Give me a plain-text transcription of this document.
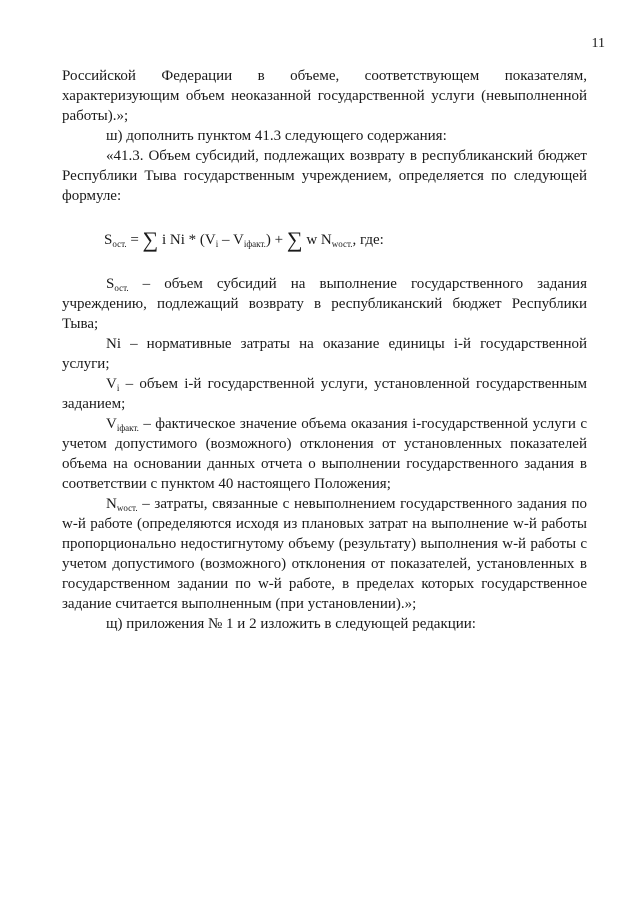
11

Российской Федерации в объеме, соответствующем показателям, характеризующим объем неоказанной государственной услуги (невыполненной работы).»;

ш) дополнить пунктом 41.3 следующего содержания:

«41.3. Объем субсидий, подлежащих возврату в республиканский бюджет Республики Тыва государственным учреждением, определяется по следующей формуле:

$S_{ост.}$ = ∑ i Ni * $(V_i - V_{iфакт.})$ + ∑ w $N_{wост.}$, где:

$S_{ост.}$ – объем субсидий на выполнение государственного задания учреждению, подлежащий возврату в республиканский бюджет Республики Тыва;

Ni – нормативные затраты на оказание единицы i-й государственной услуги;

$V_i$ – объем i-й государственной услуги, установленной государственным заданием;

$V_{iфакт.}$ – фактическое значение объема оказания i-государственной услуги с учетом допустимого (возможного) отклонения от установленных показателей объема на основании данных отчета о выполнении государственного задания в соответствии с пунктом 40 настоящего Положения;

$N_{wост.}$ – затраты, связанные с невыполнением государственного задания по w-й работе (определяются исходя из плановых затрат на выполнение w-й работы пропорционально недостигнутому объему (результату) выполнения w-й работы с учетом допустимого (возможного) отклонения от показателей, установленных в государственном задании по w-й работе, в пределах которых государственное задание считается выполненным (при установлении).»;

щ) приложения № 1 и 2 изложить в следующей редакции:
